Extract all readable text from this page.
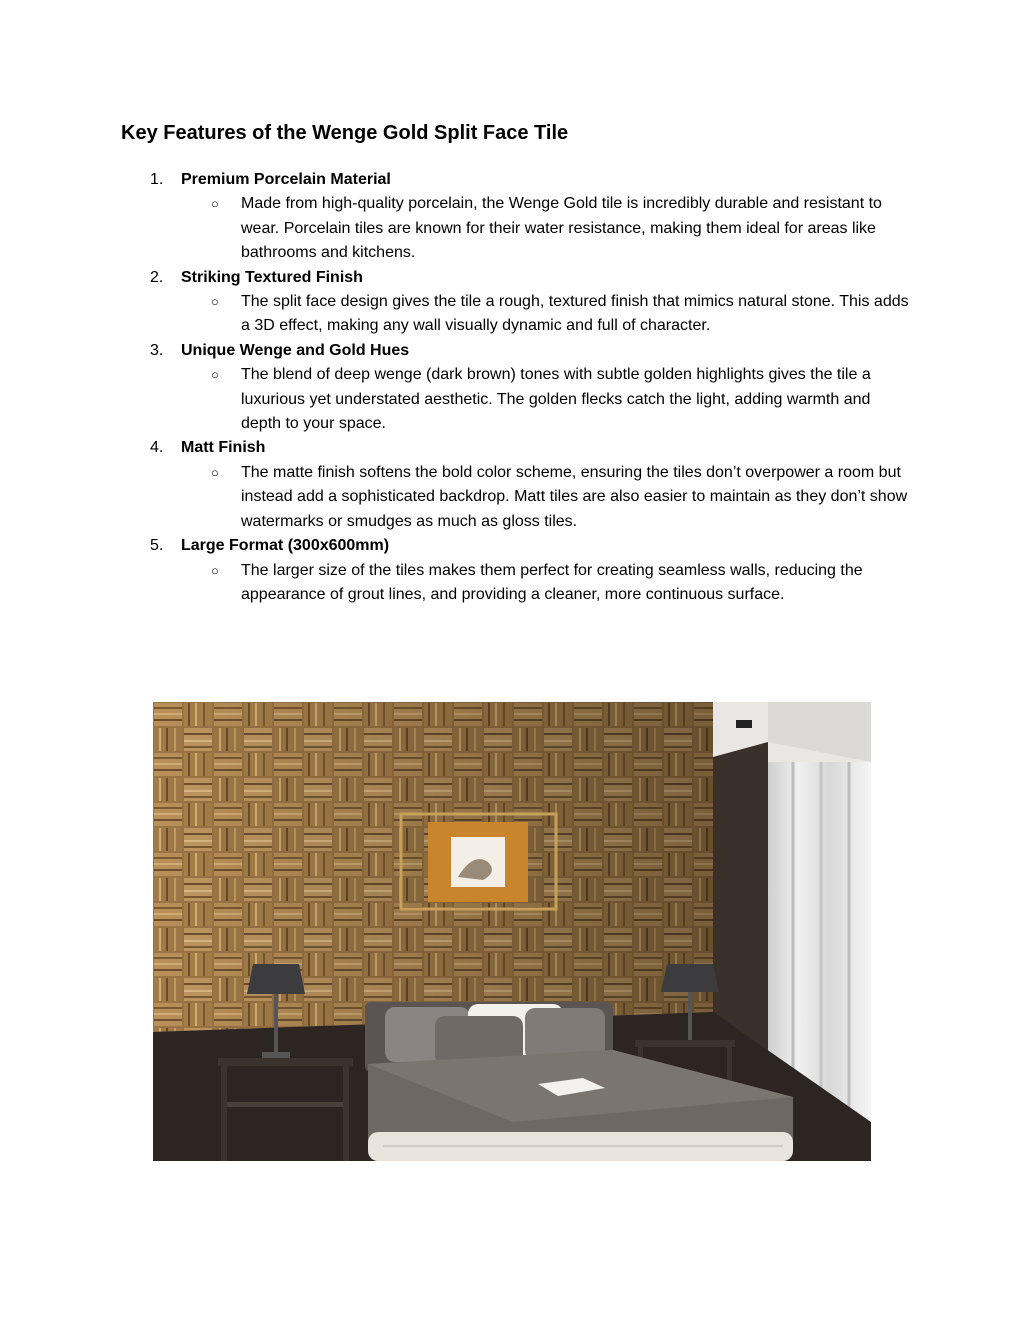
Key Features of the Wenge Gold Split Face Tile
1.	Premium Porcelain Material
○ Made from high-quality porcelain, the Wenge Gold tile is incredibly durable and resistant to wear. Porcelain tiles are known for their water resistance, making them ideal for areas like bathrooms and kitchens.
2.	Striking Textured Finish
○ The split face design gives the tile a rough, textured finish that mimics natural stone. This adds a 3D effect, making any wall visually dynamic and full of character.
3.	Unique Wenge and Gold Hues
○ The blend of deep wenge (dark brown) tones with subtle golden highlights gives the tile a luxurious yet understated aesthetic. The golden flecks catch the light, adding warmth and depth to your space.
4.	Matt Finish
○ The matte finish softens the bold color scheme, ensuring the tiles don’t overpower a room but instead add a sophisticated backdrop. Matt tiles are also easier to maintain as they don’t show watermarks or smudges as much as gloss tiles.
5.	Large Format (300x600mm)
○ The larger size of the tiles makes them perfect for creating seamless walls, reducing the appearance of grout lines, and providing a cleaner, more continuous surface.
